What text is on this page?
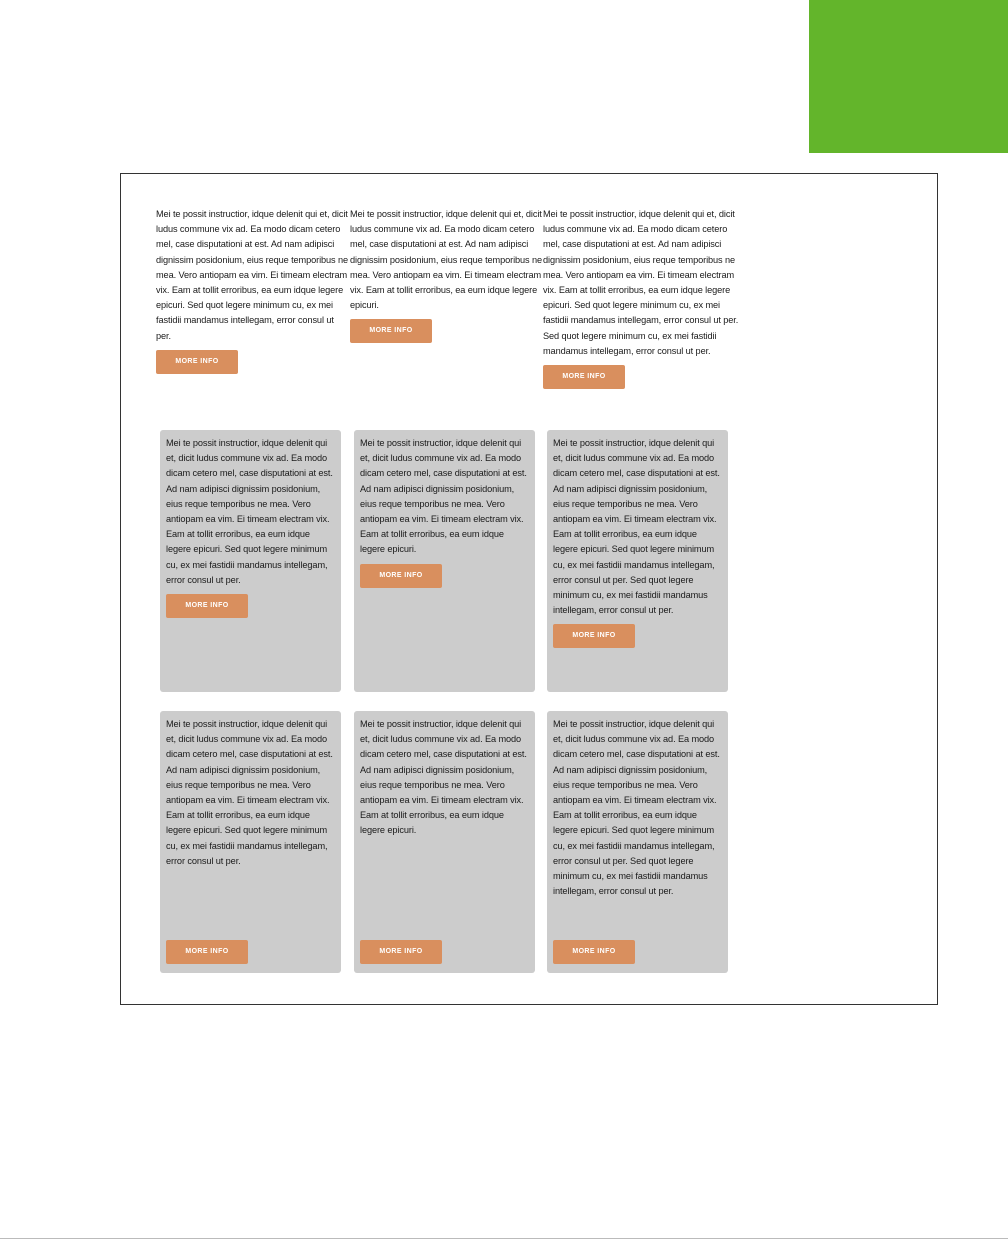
Mei te possit instructior, idque delenit qui et, dicit ludus commune vix ad. Ea modo dicam cetero mel, case disputationi at est. Ad nam adipisci dignissim posidonium, eius reque temporibus ne mea. Vero antiopam ea vim. Ei timeam electram vix. Eam at tollit erroribus, ea eum idque legere epicuri. Sed quot legere minimum cu, ex mei fastidii mandamus intellegam, error consul ut per.

MORE INFO

Mei te possit instructior, idque delenit qui et, dicit ludus commune vix ad. Ea modo dicam cetero mel, case disputationi at est. Ad nam adipisci dignissim posidonium, eius reque temporibus ne mea. Vero antiopam ea vim. Ei timeam electram vix. Eam at tollit erroribus, ea eum idque legere epicuri.

MORE INFO

Mei te possit instructior, idque delenit qui et, dicit ludus commune vix ad. Ea modo dicam cetero mel, case disputationi at est. Ad nam adipisci dignissim posidonium, eius reque temporibus ne mea. Vero antiopam ea vim. Ei timeam electram vix. Eam at tollit erroribus, ea eum idque legere epicuri. Sed quot legere minimum cu, ex mei fastidii mandamus intellegam, error consul ut per. Sed quot legere minimum cu, ex mei fastidii mandamus intellegam, error consul ut per.

MORE INFO

Mei te possit instructior, idque delenit qui et, dicit ludus commune vix ad. Ea modo dicam cetero mel, case disputationi at est. Ad nam adipisci dignissim posidonium, eius reque temporibus ne mea. Vero antiopam ea vim. Ei timeam electram vix. Eam at tollit erroribus, ea eum idque legere epicuri. Sed quot legere minimum cu, ex mei fastidii mandamus intellegam, error consul ut per.

MORE INFO

Mei te possit instructior, idque delenit qui et, dicit ludus commune vix ad. Ea modo dicam cetero mel, case disputationi at est. Ad nam adipisci dignissim posidonium, eius reque temporibus ne mea. Vero antiopam ea vim. Ei timeam electram vix. Eam at tollit erroribus, ea eum idque legere epicuri.

MORE INFO

Mei te possit instructior, idque delenit qui et, dicit ludus commune vix ad. Ea modo dicam cetero mel, case disputationi at est. Ad nam adipisci dignissim posidonium, eius reque temporibus ne mea. Vero antiopam ea vim. Ei timeam electram vix. Eam at tollit erroribus, ea eum idque legere epicuri. Sed quot legere minimum cu, ex mei fastidii mandamus intellegam, error consul ut per. Sed quot legere minimum cu, ex mei fastidii mandamus intellegam, error consul ut per.

MORE INFO

Mei te possit instructior, idque delenit qui et, dicit ludus commune vix ad. Ea modo dicam cetero mel, case disputationi at est. Ad nam adipisci dignissim posidonium, eius reque temporibus ne mea. Vero antiopam ea vim. Ei timeam electram vix. Eam at tollit erroribus, ea eum idque legere epicuri. Sed quot legere minimum cu, ex mei fastidii mandamus intellegam, error consul ut per.

MORE INFO

Mei te possit instructior, idque delenit qui et, dicit ludus commune vix ad. Ea modo dicam cetero mel, case disputationi at est. Ad nam adipisci dignissim posidonium, eius reque temporibus ne mea. Vero antiopam ea vim. Ei timeam electram vix. Eam at tollit erroribus, ea eum idque legere epicuri.

MORE INFO

Mei te possit instructior, idque delenit qui et, dicit ludus commune vix ad. Ea modo dicam cetero mel, case disputationi at est. Ad nam adipisci dignissim posidonium, eius reque temporibus ne mea. Vero antiopam ea vim. Ei timeam electram vix. Eam at tollit erroribus, ea eum idque legere epicuri. Sed quot legere minimum cu, ex mei fastidii mandamus intellegam, error consul ut per. Sed quot legere minimum cu, ex mei fastidii mandamus intellegam, error consul ut per.

MORE INFO
